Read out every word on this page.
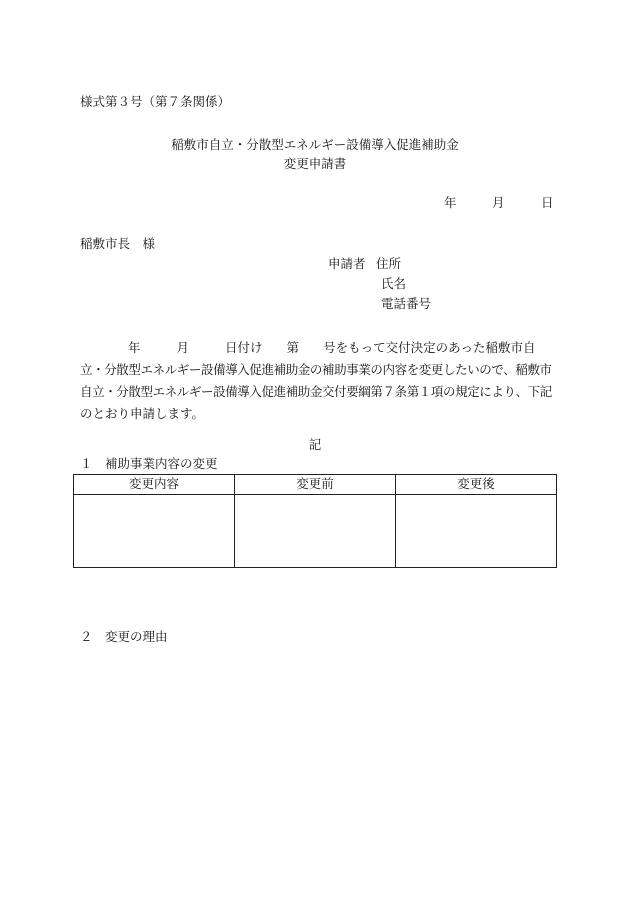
様式第３号（第７条関係）
稲敷市自立・分散型エネルギー設備導入促進補助金
変更申請書
年	月	日
稲敷市長　様
申請者 住所
氏名
電話番号
年	月	日付け 第 号をもって交付決定のあった稲敷市自
立・分散型エネルギー設備導入促進補助金の補助事業の内容を変更したいので、稲敷市
自立・分散型エネルギー設備導入促進補助金交付要綱第７条第１項の規定により、下記
のとおり申請します。
記
１　補助事業内容の変更
変更内容	変更前	変更後

２　変更の理由
